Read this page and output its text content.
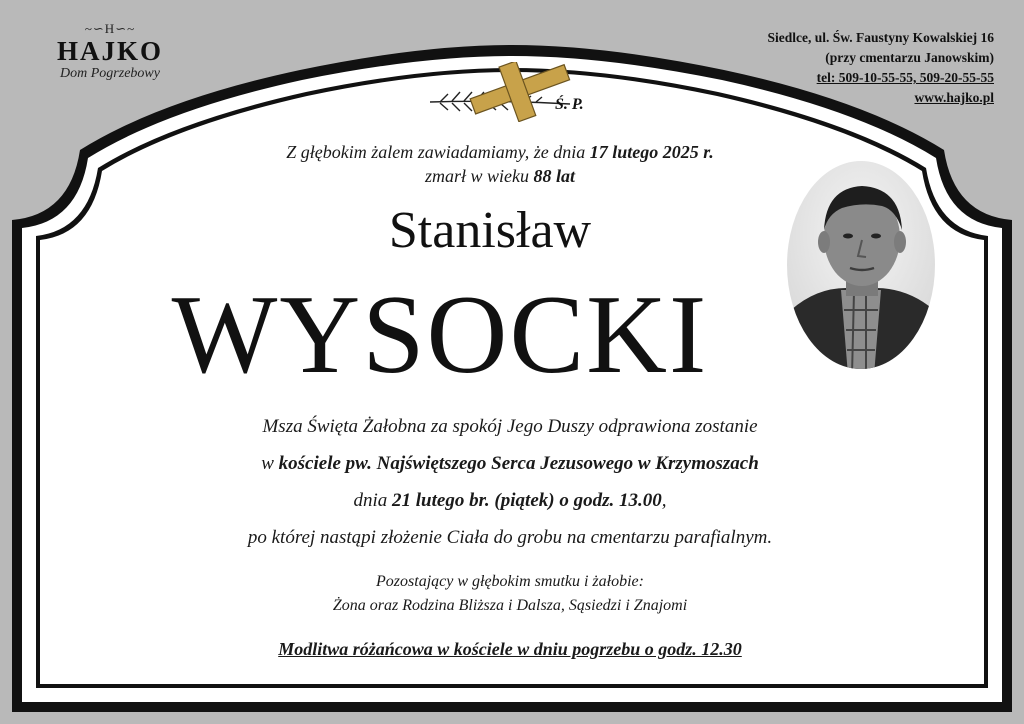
~∽H∽~
HAJKO
Dom Pogrzebowy
Siedlce, ul. Św. Faustyny Kowalskiej 16
(przy cmentarzu Janowskim)
tel: 509-10-55-55, 509-20-55-55
www.hajko.pl
Ś. P.
Z głębokim żalem zawiadamiamy, że dnia 17 lutego 2025 r.
zmarł w wieku 88 lat
Stanisław
WYSOCKI
Msza Święta Żałobna za spokój Jego Duszy odprawiona zostanie
w kościele pw. Najświętszego Serca Jezusowego w Krzymoszach
dnia 21 lutego br. (piątek) o godz. 13.00,
po której nastąpi złożenie Ciała do grobu na cmentarzu parafialnym.
Pozostający w głębokim smutku i żałobie:
Żona oraz Rodzina Bliższa i Dalsza, Sąsiedzi i Znajomi
Modlitwa różańcowa w kościele w dniu pogrzebu o godz. 12.30
